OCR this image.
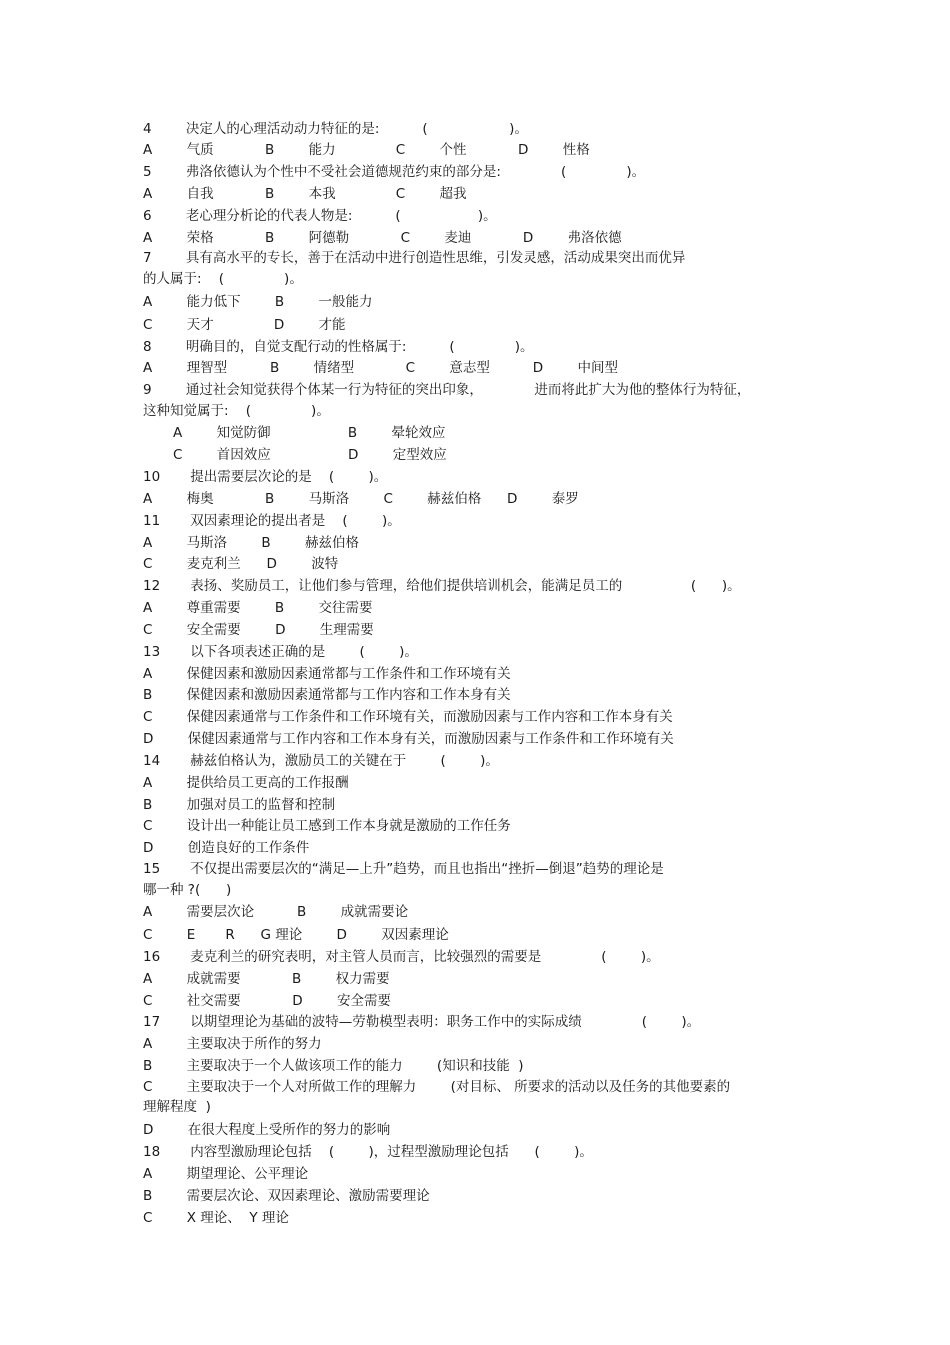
4        决定人的心理活动动力特征的是:          (                   )。
A        气质            B        能力              C        个性            D        性格
5        弗洛依德认为个性中不受社会道德规范约束的部分是:              (              )。
A        自我            B        本我              C        超我
6        老心理分析论的代表人物是:          (                  )。
A        荣格            B        阿德勒            C        麦迪            D        弗洛依德
7        具有高水平的专长，善于在活动中进行创造性思维，引发灵感，活动成果突出而优异
的人属于:    (              )。
A        能力低下        B        一般能力
C        天才              D        才能
8        明确目的，自觉支配行动的性格属于:          (              )。
A        理智型          B        情绪型            C        意志型          D        中间型
9        通过社会知觉获得个体某一行为特征的突出印象，            进而将此扩大为他的整体行为特征，
这种知觉属于:    (              )。
A        知觉防御                  B        晕轮效应
C        首因效应                  D        定型效应
10       提出需要层次论的是    (        )。
A        梅奥            B        马斯洛        C        赫兹伯格      D        泰罗
11       双因素理论的提出者是    (        )。
A        马斯洛        B        赫兹伯格
C        麦克利兰      D        波特
12       表扬、奖励员工，让他们参与管理，给他们提供培训机会，能满足员工的                (      )。
A        尊重需要        B        交往需要
C        安全需要        D        生理需要
13       以下各项表述正确的是        (        )。
A        保健因素和激励因素通常都与工作条件和工作环境有关
B        保健因素和激励因素通常都与工作内容和工作本身有关
C        保健因素通常与工作条件和工作环境有关，而激励因素与工作内容和工作本身有关
D        保健因素通常与工作内容和工作本身有关，而激励因素与工作条件和工作环境有关
14       赫兹伯格认为，激励员工的关键在于        (        )。
A        提供给员工更高的工作报酬
B        加强对员工的监督和控制
C        设计出一种能让员工感到工作本身就是激励的工作任务
D        创造良好的工作条件
15       不仅提出需要层次的“满足—上升”趋势，而且也指出“挫折—倒退”趋势的理论是
哪一种 ?(      )
A        需要层次论          B        成就需要论
C        E       R      G 理论        D        双因素理论
16       麦克利兰的研究表明，对主管人员而言，比较强烈的需要是              (        )。
A        成就需要            B        权力需要
C        社交需要            D        安全需要
17       以期望理论为基础的波特—劳勒模型表明：职务工作中的实际成绩              (        )。
A        主要取决于所作的努力
B        主要取决于一个人做该项工作的能力        (知识和技能  )
C        主要取决于一个人对所做工作的理解力        (对目标、 所要求的活动以及任务的其他要素的
理解程度  )
D        在很大程度上受所作的努力的影响
18       内容型激励理论包括    (        )，过程型激励理论包括      (        )。
A        期望理论、公平理论
B        需要层次论、双因素理论、激励需要理论
C        X 理论、  Y 理论
